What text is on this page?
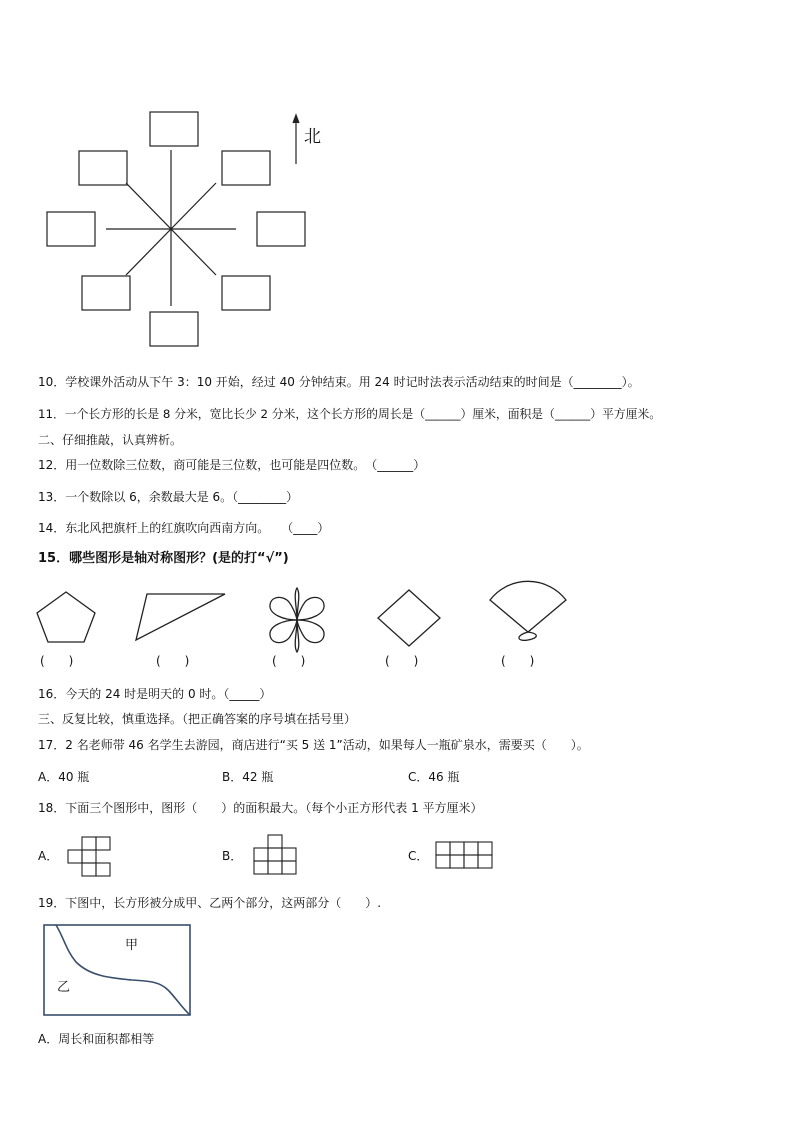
北
10．学校课外活动从下午 3：10 开始，经过 40 分钟结束。用 24 时记时法表示活动结束的时间是（________）。
11．一个长方形的长是 8 分米，宽比长少 2 分米，这个长方形的周长是（______）厘米，面积是（______）平方厘米。
二、仔细推敲，认真辨析。
12．用一位数除三位数，商可能是三位数，也可能是四位数。　（______）
13．一个数除以 6，余数最大是 6。（________）
14．东北风把旗杆上的红旗吹向西南方向。　　（____）
15．哪些图形是轴对称图形？(是的打“√”)
(　　)	(　　)	(　　)	(　　)	(　　)
16．今天的 24 时是明天的 0 时。（_____）
三、反复比较，慎重选择。（把正确答案的序号填在括号里）
17．2 名老师带 46 名学生去游园，商店进行“买 5 送 1”活动，如果每人一瓶矿泉水，需要买（　　）。
A．40 瓶	B．42 瓶	C．46 瓶
18．下面三个图形中，图形（　　）的面积最大。（每个小正方形代表 1 平方厘米）
A．	B．	C．
19．下图中，长方形被分成甲、乙两个部分，这两部分（　　）.
甲
乙
A．周长和面积都相等
